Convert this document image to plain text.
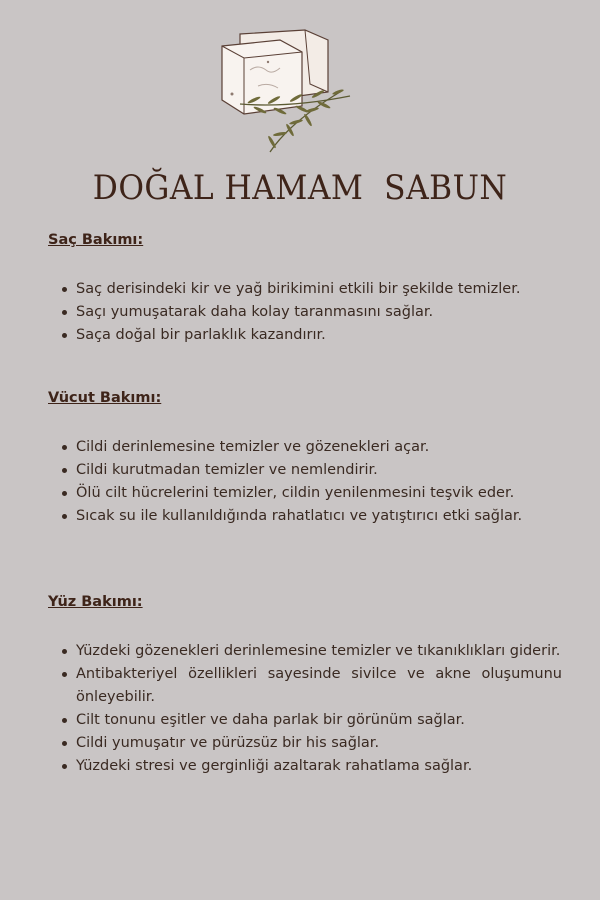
DOĞAL HAMAM  SABUN

Saç Bakımı:

Saç derisindeki kir ve yağ birikimini etkili bir şekilde temizler.
Saçı yumuşatarak daha kolay taranmasını sağlar.
Saça doğal bir parlaklık kazandırır.

Vücut Bakımı:

Cildi derinlemesine temizler ve gözenekleri açar.
Cildi kurutmadan temizler ve nemlendirir.
Ölü cilt hücrelerini temizler, cildin yenilenmesini teşvik eder.
Sıcak su ile kullanıldığında rahatlatıcı ve yatıştırıcı etki sağlar.

Yüz Bakımı:

Yüzdeki gözenekleri derinlemesine temizler ve tıkanıklıkları giderir.
Antibakteriyel özellikleri sayesinde sivilce ve akne oluşumunu önleyebilir.
Cilt tonunu eşitler ve daha parlak bir görünüm sağlar.
Cildi yumuşatır ve pürüzsüz bir his sağlar.
Yüzdeki stresi ve gerginliği azaltarak rahatlama sağlar.
